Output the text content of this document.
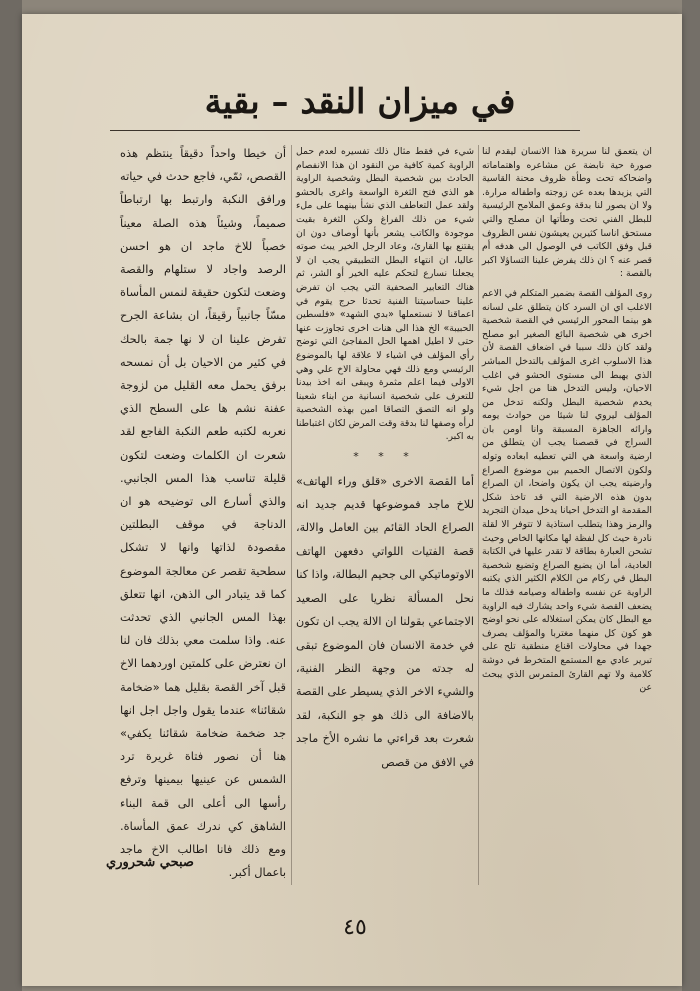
في ميزان النقد – بقية

ان يتعمق لنا سريرة هذا الانسان ليقدم لنا صورة حية نابضة عن مشاعره واهتماماته واضحاكه تحت وطأة ظروف محنة القاسية التي يزيدها بعده عن زوجته واطفاله مرارة. ولا ان يصور لنا بدقة وعمق الملامح الرئيسية للبطل الفني تحت وطأتها ان مصلح والتي مستحق اناسا كثيرين يعيشون نفس الظروف قبل وفق الكاتب في الوصول الى هدفه أم قصر عنه ؟ ان ذلك يفرض علينا التساؤلا اكبر بالقصة :

روى المؤلف القصة بضمير المتكلم في الاعم الاغلب اي ان السرد كان يتطلق على لسانه هو بينما المحور الرئيسي في القصة شخصية اخرى هي شخصية البائع الصغير ابو مصلح ولقد كان ذلك سببا في اضعاف القصة لأن هذا الاسلوب اغرى المؤلف بالتدخل المباشر الذي يهبط الى مستوى الحشو في اغلب الاحيان، وليس التدخل هنا من اجل شيء يخدم شخصية البطل ولكنه تدخل من المؤلف ليروي لنا شيئا من حوادث يومه وارائه الجاهزة المسبقة وانا اومن بان السراج في قصصنا يجب ان يتطلق من ارضية واسعة هي التي تعطيه ابعاده وتوله ولكون الاتصال الحميم بين موضوع الصراع وارضيته يجب ان يكون واضحا، ان الصراع بدون هذه الارضية التي قد تاخذ شكل المقدمة او التدخل احيانا يدخل ميدان التجريد والرمز وهذا يتطلب استاذية لا تتوفر الا لقلة نادرة حيث كل لفظة لها مكانها الخاص وحيث تشحن العبارة بطاقة لا تقدر عليها في الكتابة العادية، أما ان يضيع الصراع وتضيع شخصية البطل في ركام من الكلام الكثير الذي يكتبه الراوية عن نفسه واطفاله وصيامه فذلك ما يضعف القصة شيء واحد يشارك فيه الراوية مع البطل كان يمكن استغلاله على نحو اوضح هو كون كل منهما مغتربا والمؤلف يصرف جهدا في محاولات اقناع منطقية تلح على تبرير عادي مع المستمع المتخرط في دوشة كلامية ولا تهم القارئ المتمرس الذي يبحث عن

شيء في فقط مثال ذلك تفسيره لعدم حمل الراوية كمية كافية من النقود ان هذا الانفصام الحادث بين شخصية البطل وشخصية الراوية هو الذي فتح الثغرة الواسعة واغرى بالحشو ولقد عمل التعاطف الذي نشأ بينهما على ملء شيء من ذلك الفراغ ولكن الثغرة بقيت موجودة والكاتب يشعر بأنها أوصاف دون ان يقتنع بها القارئ، وعاد الرجل الخير يبث صوته عاليا، ان انتهاء البطل التطبيقي يجب ان لا يجعلنا نسارع لتحكم عليه الخير أو الشر، ثم هناك التعابير الصحفية التي يجب ان تفرض علينا حساسيتنا الفنية تحدثا حرج يقوم في اعماقنا لا نستعملها «بدي الشهد» «فلسطين الحبيبة» الخ هذا الى هنات اخرى تجاوزت عنها حتى لا اطيل اهمها الحل المفاجئ التي توضح رأي المؤلف في اشياء لا علاقة لها بالموضوع الرئيسي ومع ذلك فهي محاولة الاخ علي وهي الاولى فيما اعلم مثمرة ويبقى انه اخذ بيدنا للتعرف على شخصية انسانية من ابناء شعبنا ولو انه التصق التصاقا امين بهذه الشخصية لرأه وصفها لنا بدقة وقت المرض لكان اغتباطنا به اكبر.

* * *

أما القصة الاخرى «قلق وراء الهاتف» للاخ ماجد فموضوعها قديم جديد انه الصراع الحاد القائم بين العامل والالة، قصة الفتيات اللواتي دفعهن الهاتف الاوتوماتيكي الى جحيم البطالة، واذا كنا نحل المسألة نظريا على الصعيد الاجتماعي بقولنا ان الالة يجب ان تكون في خدمة الانسان فان الموضوع تبقى له جدته من وجهة النظر الفنية، والشيء الاخر الذي يسيطر على القصة بالاضافة الى ذلك هو جو النكبة، لقد شعرت بعد قراءتي ما نشره الأخ ماجد في الافق من قصص

أن خيطا واحداً دقيقاً ينتظم هذه القصص، ثمّي، فاجع حدث في حياته ورافق النكبة وارتبط بها ارتباطاً صميماً، وشيئاً هذه الصلة معيناً خصباً للاخ ماجد ان هو احسن الرصد واجاد لا ستلهام والقصة وضعت لتكون حقيقة لنمس المأساة مسّاً جانبياً رقيقاً، ان بشاعة الجرح تفرض علينا ان لا نها جمة بالحك في كثير من الاحيان بل أن نمسحه برفق يحمل معه القليل من لزوجة عفنة نشم ها على السطح الذي نعربه لكتبه طعم النكبة الفاجع لقد شعرت ان الكلمات وضعت لتكون قليلة تناسب هذا المس الجانبي. والذي أسارع الى توضيحه هو ان الدناجة في موقف البطلتين مقصودة لذاتها وانها لا تشكل سطحية تقصر عن معالجة الموضوع كما قد يتبادر الى الذهن، انها تتعلق بهذا المس الجانبي الذي تحدثت عنه. واذا سلمت معي بذلك فان لنا ان نعترض على كلمتين اوردهما الاخ قبل آخر القصة بقليل هما «ضخامة شقائنا» عندما يقول واجل اجل انها جد ضخمة ضخامة شقائنا يكفي» هنا أن نصور فتاة غريرة ترد الشمس عن عينيها بيمينها وترفع رأسها الى أعلى الى قمة البناء الشاهق كي ندرك عمق المأساة. ومع ذلك فانا اطالب الاخ ماجد باعمال أكبر.

صبحي شحروري
٤٥
